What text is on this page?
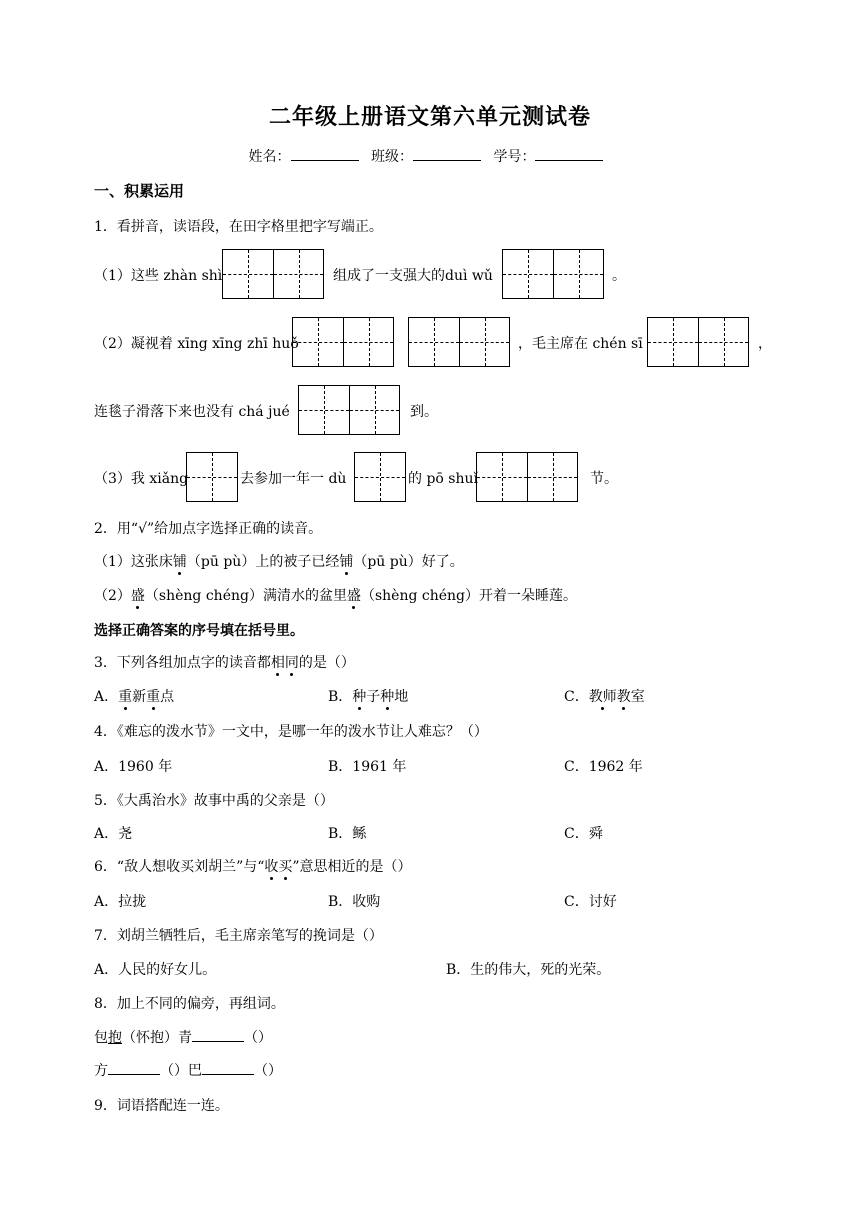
二年级上册语文第六单元测试卷
姓名：	班级：	学号：
一、积累运用
1．看拼音，读语段，在田字格里把字写端正。
（1）这些 zhàn shì	组成了一支强大的duì wǔ	。
（2）凝视着 xīng xīng zhī huǒ	，毛主席在 chén sī	，
连毯子滑落下来也没有 chá jué	到。
（3）我 xiǎng	去参加一年一 dù	的 pō shuǐ	节。
2．用“√”给加点字选择正确的读音。
（1）这张床铺（pū pù）上的被子已经铺（pū pù）好了。
（2）盛（shèng chéng）满清水的盆里盛（shèng chéng）开着一朵睡莲。
选择正确答案的序号填在括号里。
3．下列各组加点字的读音都相同的是（）
A．重新重点	B．种子种地	C．教师教室
4．《难忘的泼水节》一文中，是哪一年的泼水节让人难忘？（）
A．1960 年	B．1961 年	C．1962 年
5．《大禹治水》故事中禹的父亲是（）
A．尧	B．鲧	C．舜
6．“敌人想收买刘胡兰”与“收买”意思相近的是（）
A．拉拢	B．收购	C．讨好
7．刘胡兰牺牲后，毛主席亲笔写的挽词是（）
A．人民的好女儿。	B．生的伟大，死的光荣。
8．加上不同的偏旁，再组词。
包抱（怀抱）青	（）
方	（）巴	（）
9．词语搭配连一连。
